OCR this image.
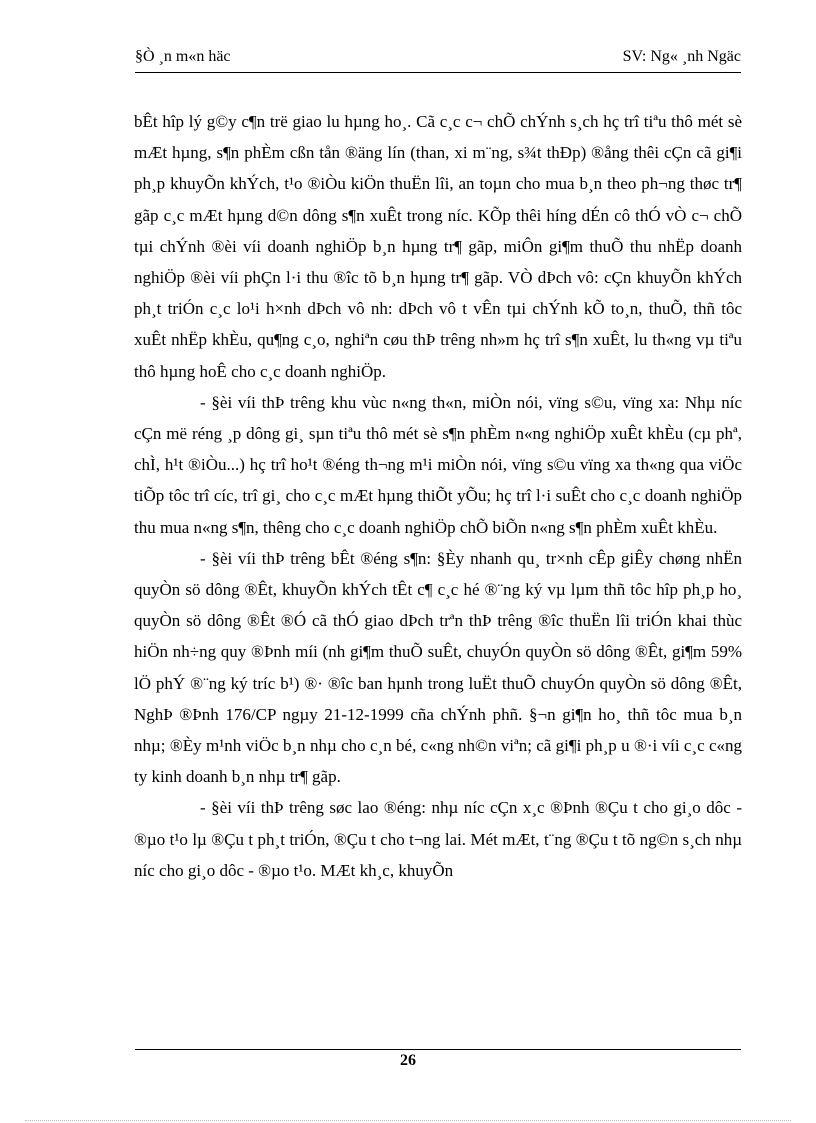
§Ò ¸n m«n häc	SV: Ng« ¸nh Ngäc

bÊt hîp lý g©y c¶n trë giao lu hµng ho¸. Cã c¸c c¬ chÕ chÝnh s¸ch hç trî tiªu thô mét sè mÆt hµng, s¶n phÈm cßn tån ®äng lín (than, xi m¨ng, s¾t thÐp) ®ång thêi cÇn cã gi¶i ph¸p khuyÕn khÝch, t¹o ®iÒu kiÖn thuËn lîi, an toµn cho mua b¸n theo ph¬ng thøc tr¶ gãp c¸c mÆt hµng d©n dông s¶n xuÊt trong níc. KÕp thêi híng dÉn cô thÓ vÒ c¬ chÕ tµi chÝnh ®èi víi doanh nghiÖp b¸n hµng tr¶ gãp, miÔn gi¶m thuÕ thu nhËp doanh nghiÖp ®èi víi phÇn l·i thu ®îc tõ b¸n hµng tr¶ gãp. VÒ dÞch vô: cÇn khuyÕn khÝch ph¸t triÓn c¸c lo¹i h×nh dÞch vô nh: dÞch vô t vÊn tµi chÝnh kÕ to¸n, thuÕ, thñ tôc xuÊt nhËp khÈu, qu¶ng c¸o, nghiªn cøu thÞ trêng nh»m hç trî s¶n xuÊt, lu th«ng vµ tiªu thô hµng hoÊ cho c¸c doanh nghiÖp.

- §èi víi thÞ trêng khu vùc n«ng th«n, miÒn nói, vïng s©u, vïng xa: Nhµ níc cÇn më réng ¸p dông gi¸ sµn tiªu thô mét sè s¶n phÈm n«ng nghiÖp xuÊt khÈu (cµ phª, chÌ, h¹t ®iÒu...) hç trî ho¹t ®éng th¬ng m¹i miÒn nói, vïng s©u vïng xa th«ng qua viÖc tiÕp tôc trî cíc, trî gi¸ cho c¸c mÆt hµng thiÕt yÕu; hç trî l·i suÊt cho c¸c doanh nghiÖp thu mua n«ng s¶n, thêng cho c¸c doanh nghiÖp chÕ biÕn n«ng s¶n phÈm xuÊt khÈu.

- §èi víi thÞ trêng bÊt ®éng s¶n: §Èy nhanh qu¸ tr×nh cÊp giÊy chøng nhËn quyÒn sö dông ®Êt, khuyÕn khÝch tÊt c¶ c¸c hé ®¨ng ký vµ lµm thñ tôc hîp ph¸p ho¸ quyÒn sö dông ®Êt ®Ó cã thÓ giao dÞch trªn thÞ trêng ®îc thuËn lîi triÓn khai thùc hiÖn nh÷ng quy ®Þnh míi (nh gi¶m thuÕ suÊt, chuyÓn quyÒn sö dông ®Êt, gi¶m 59% lÖ phÝ ®¨ng ký tríc b¹) ®· ®îc ban hµnh trong luËt thuÕ chuyÓn quyÒn sö dông ®Êt, NghÞ ®Þnh 176/CP ngµy 21-12-1999 cña chÝnh phñ. §¬n gi¶n ho¸ thñ tôc mua b¸n nhµ; ®Èy m¹nh viÖc b¸n nhµ cho c¸n bé, c«ng nh©n viªn; cã gi¶i ph¸p u ®·i víi c¸c c«ng ty kinh doanh b¸n nhµ tr¶ gãp.

- §èi víi thÞ trêng søc lao ®éng: nhµ níc cÇn x¸c ®Þnh ®Çu t cho gi¸o dôc - ®µo t¹o lµ ®Çu t ph¸t triÓn, ®Çu t cho t¬ng lai. Mét mÆt, t¨ng ®Çu t tõ ng©n s¸ch nhµ níc cho gi¸o dôc - ®µo t¹o. MÆt kh¸c, khuyÕn

26
